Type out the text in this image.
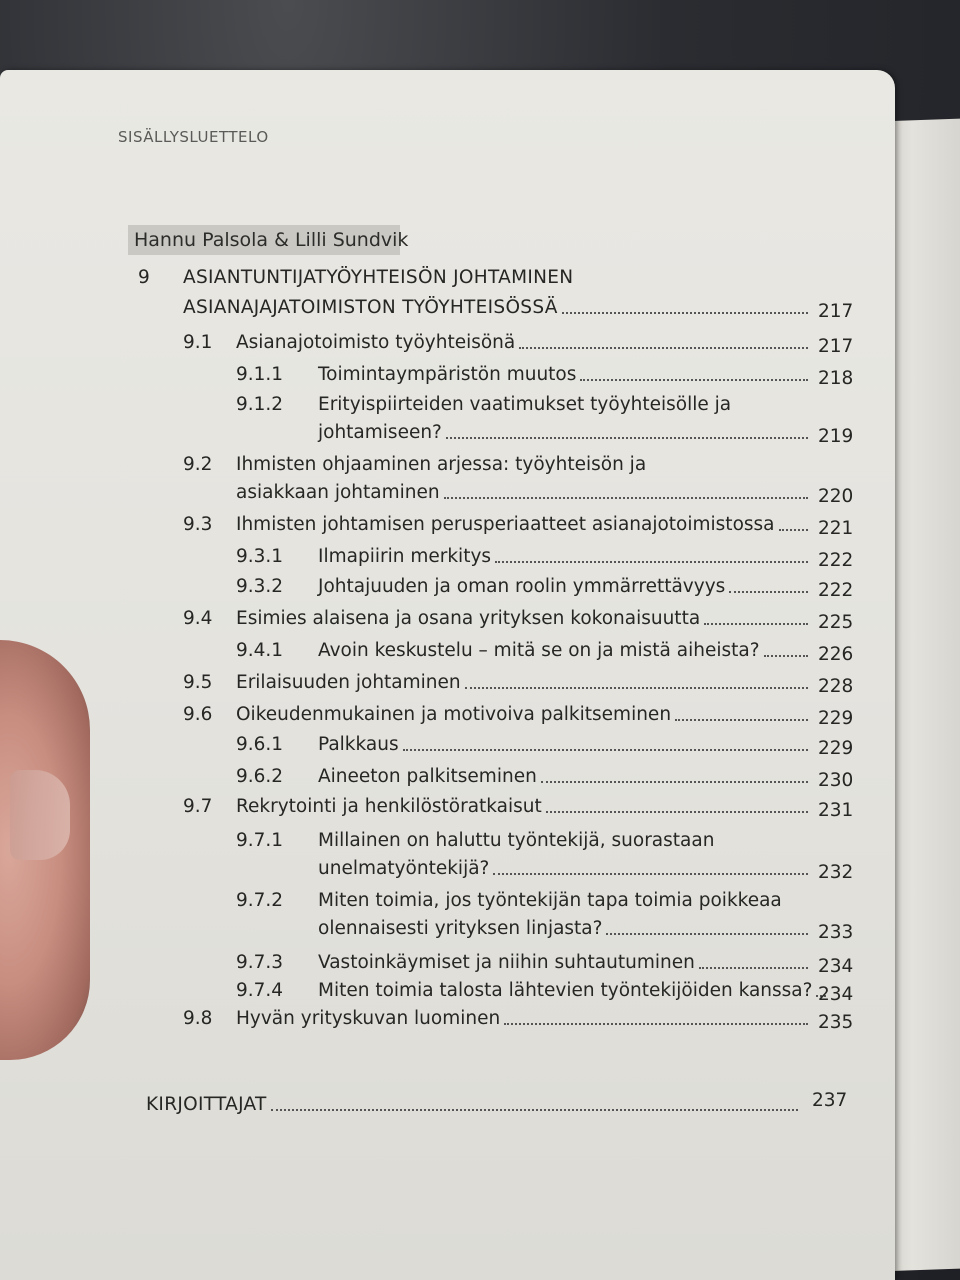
SISÄLLYSLUETTELO
Hannu Palsola & Lilli Sundvik
9 ASIANTUNTIJATYÖYHTEISÖN JOHTAMINEN
ASIANAJAJATOIMISTON TYÖYHTEISÖSSÄ	217
9.1 Asianajotoimisto työyhteisönä	217
9.1.1 Toimintaympäristön muutos	218
9.1.2 Erityispiirteiden vaatimukset työyhteisölle ja
johtamiseen?	219
9.2 Ihmisten ohjaaminen arjessa: työyhteisön ja
asiakkaan johtaminen	220
9.3 Ihmisten johtamisen perusperiaatteet asianajotoimistossa 221
9.3.1 Ilmapiirin merkitys	222
9.3.2 Johtajuuden ja oman roolin ymmärrettävyys	222
9.4 Esimies alaisena ja osana yrityksen kokonaisuutta	225
9.4.1 Avoin keskustelu – mitä se on ja mistä aiheista?	226
9.5 Erilaisuuden johtaminen	228
9.6 Oikeudenmukainen ja motivoiva palkitseminen	229
9.6.1 Palkkaus	229
9.6.2 Aineeton palkitseminen	230
9.7 Rekrytointi ja henkilöstöratkaisut	231
9.7.1 Millainen on haluttu työntekijä, suorastaan
unelmatyöntekijä?	232
9.7.2 Miten toimia, jos työntekijän tapa toimia poikkeaa
olennaisesti yrityksen linjasta?	233
9.7.3 Vastoinkäymiset ja niihin suhtautuminen	234
9.7.4 Miten toimia talosta lähtevien työntekijöiden kanssa? 234
9.8 Hyvän yrityskuvan luominen	235
KIRJOITTAJAT	237
